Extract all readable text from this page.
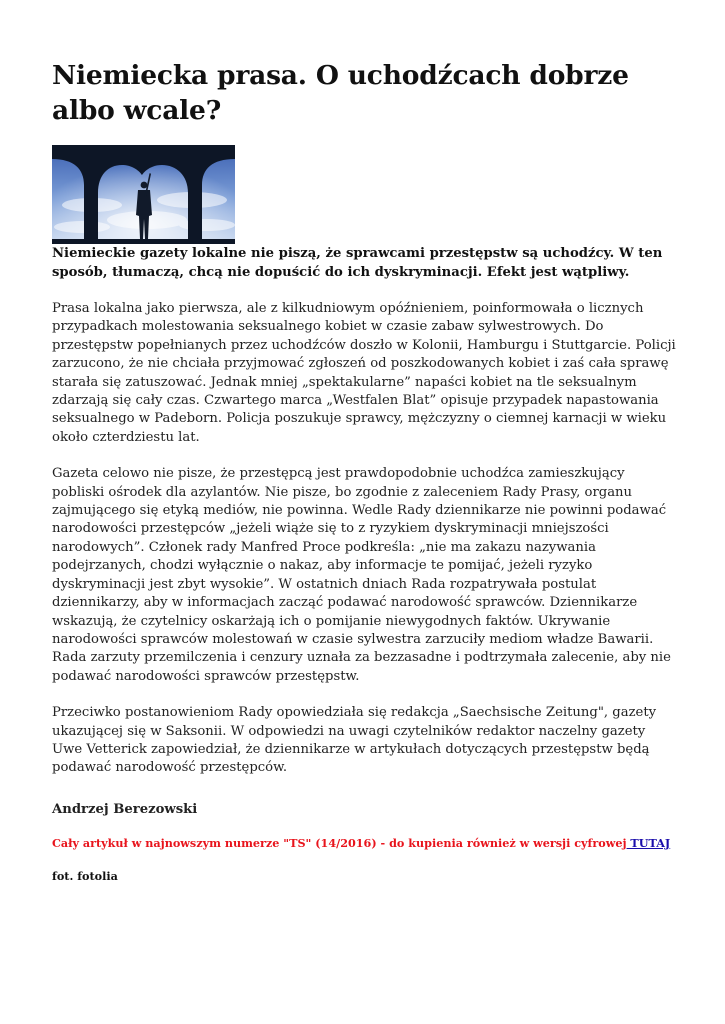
Niemiecka prasa. O uchodźcach dobrze albo wcale?

Niemieckie gazety lokalne nie piszą, że sprawcami przestępstw są uchodźcy. W ten sposób, tłumaczą, chcą nie dopuścić do ich dyskryminacji. Efekt jest wątpliwy.

Prasa lokalna jako pierwsza, ale z kilkudniowym opóźnieniem, poinformowała o licznych przypadkach molestowania seksualnego kobiet w czasie zabaw sylwestrowych. Do przestępstw popełnianych przez uchodźców doszło w Kolonii, Hamburgu i Stuttgarcie. Policji zarzucono, że nie chciała przyjmować zgłoszeń od poszkodowanych kobiet i zaś cała sprawę starała się zatuszować. Jednak mniej „spektakularne” napaści kobiet na tle seksualnym zdarzają się cały czas. Czwartego marca „Westfalen Blat” opisuje przypadek napastowania seksualnego w Padeborn. Policja poszukuje sprawcy, mężczyzny o ciemnej karnacji w wieku około czterdziestu lat.

Gazeta celowo nie pisze, że przestępcą jest prawdopodobnie uchodźca zamieszkujący pobliski ośrodek dla azylantów. Nie pisze, bo zgodnie z zaleceniem Rady Prasy, organu zajmującego się etyką mediów, nie powinna. Wedle Rady dziennikarze nie powinni podawać narodowości przestępców „jeżeli wiąże się to z ryzykiem dyskryminacji mniejszości narodowych”. Członek rady Manfred Proce podkreśla: „nie ma zakazu nazywania podejrzanych, chodzi wyłącznie o nakaz, aby informacje te pomijać, jeżeli ryzyko dyskryminacji jest zbyt wysokie”. W ostatnich dniach Rada rozpatrywała postulat dziennikarzy, aby w informacjach zacząć podawać narodowość sprawców. Dziennikarze wskazują, że czytelnicy oskarżają ich o pomijanie niewygodnych faktów. Ukrywanie narodowości sprawców molestowań w czasie sylwestra zarzuciły mediom władze Bawarii. Rada zarzuty przemilczenia i cenzury uznała za bezzasadne i podtrzymała zalecenie, aby nie podawać narodowości sprawców przestępstw.

Przeciwko postanowieniom Rady opowiedziała się redakcja „Saechsische Zeitung", gazety ukazującej się w Saksonii. W odpowiedzi na uwagi czytelników redaktor naczelny gazety Uwe Vetterick zapowiedział, że dziennikarze w artykułach dotyczących przestępstw będą podawać narodowość przestępców.

Andrzej Berezowski

Cały artykuł w najnowszym numerze "TS" (14/2016) - do kupienia również w wersji cyfrowej TUTAJ

fot. fotolia
